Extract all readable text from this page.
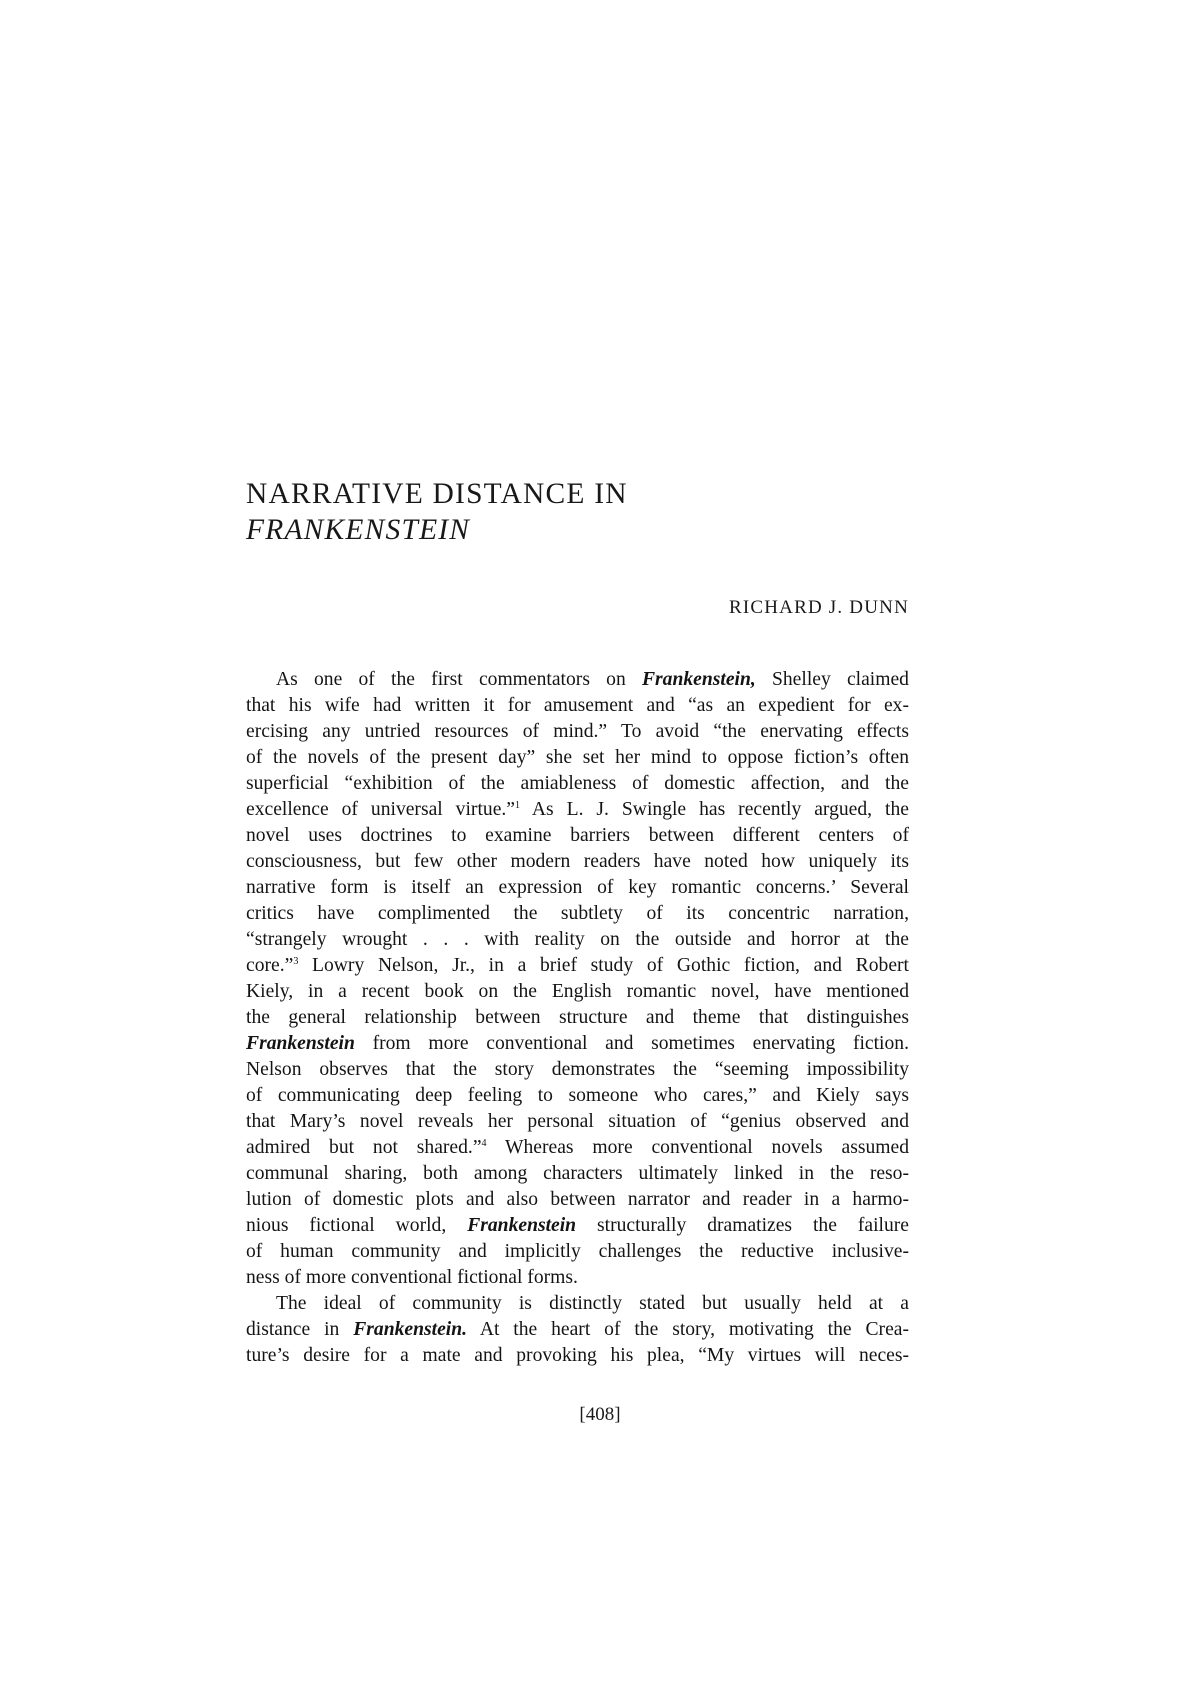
NARRATIVE DISTANCE IN
FRANKENSTEIN
RICHARD J. DUNN
As one of the first commentators on Frankenstein, Shelley claimed
that his wife had written it for amusement and “as an expedient for ex-
ercising any untried resources of mind.” To avoid “the enervating effects
of the novels of the present day” she set her mind to oppose fiction’s often
superficial “exhibition of the amiableness of domestic affection, and the
excellence of universal virtue.”$^1$ As L. J. Swingle has recently argued, the
novel uses doctrines to examine barriers between different centers of
consciousness, but few other modern readers have noted how uniquely its
narrative form is itself an expression of key romantic concerns.’ Several
critics have complimented the subtlety of its concentric narration,
“strangely wrought . . . with reality on the outside and horror at the
core.”$^3$ Lowry Nelson, Jr., in a brief study of Gothic fiction, and Robert
Kiely, in a recent book on the English romantic novel, have mentioned
the general relationship between structure and theme that distinguishes
Frankenstein from more conventional and sometimes enervating fiction.
Nelson observes that the story demonstrates the “seeming impossibility
of communicating deep feeling to someone who cares,” and Kiely says
that Mary’s novel reveals her personal situation of “genius observed and
admired but not shared.”$^4$ Whereas more conventional novels assumed
communal sharing, both among characters ultimately linked in the reso-
lution of domestic plots and also between narrator and reader in a harmo-
nious fictional world, Frankenstein structurally dramatizes the failure
of human community and implicitly challenges the reductive inclusive-
ness of more conventional fictional forms.
The ideal of community is distinctly stated but usually held at a
distance in Frankenstein. At the heart of the story, motivating the Crea-
ture’s desire for a mate and provoking his plea, “My virtues will neces-
[408]
